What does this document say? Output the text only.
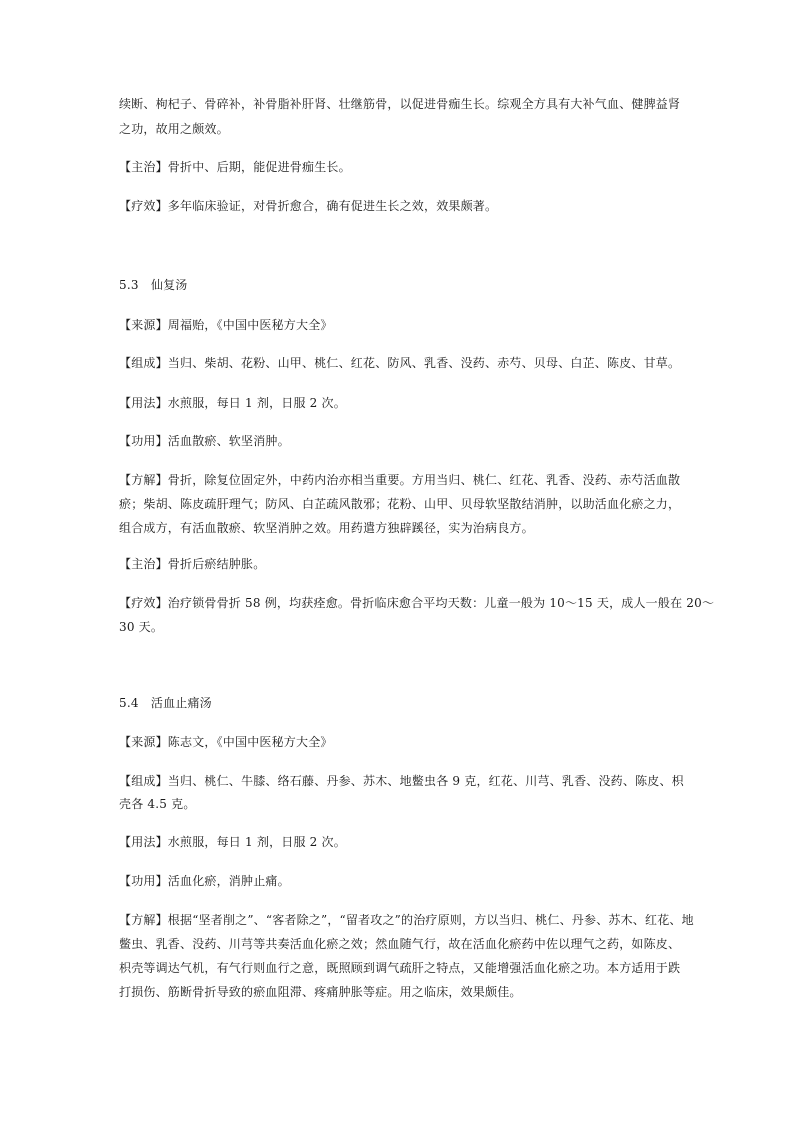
续断、枸杞子、骨碎补，补骨脂补肝肾、壮继筋骨，以促进骨痂生长。综观全方具有大补气血、健脾益肾
之功，故用之颇效。
【主治】骨折中、后期，能促进骨痂生长。
【疗效】多年临床验证，对骨折愈合，确有促进生长之效，效果颇著。
5.3　仙复汤
【来源】周福贻，《中国中医秘方大全》
【组成】当归、柴胡、花粉、山甲、桃仁、红花、防风、乳香、没药、赤芍、贝母、白芷、陈皮、甘草。
【用法】水煎服，每日 1 剂，日服 2 次。
【功用】活血散瘀、软坚消肿。
【方解】骨折，除复位固定外，中药内治亦相当重要。方用当归、桃仁、红花、乳香、没药、赤芍活血散
瘀；柴胡、陈皮疏肝理气；防风、白芷疏风散邪；花粉、山甲、贝母软坚散结消肿，以助活血化瘀之力，
组合成方，有活血散瘀、软坚消肿之效。用药遣方独辟蹊径，实为治病良方。
【主治】骨折后瘀结肿胀。
【疗效】治疗锁骨骨折 58 例，均获痊愈。骨折临床愈合平均天数：儿童一般为 10～15 天，成人一般在 20～
30 天。
5.4　活血止痛汤
【来源】陈志文，《中国中医秘方大全》
【组成】当归、桃仁、牛膝、络石藤、丹参、苏木、地鳖虫各 9 克，红花、川芎、乳香、没药、陈皮、枳
壳各 4.5 克。
【用法】水煎服，每日 1 剂，日服 2 次。
【功用】活血化瘀，消肿止痛。
【方解】根据“坚者削之”、“客者除之”，“留者攻之”的治疗原则，方以当归、桃仁、丹参、苏木、红花、地
鳖虫、乳香、没药、川芎等共奏活血化瘀之效；然血随气行，故在活血化瘀药中佐以理气之药，如陈皮、
枳壳等调达气机，有气行则血行之意，既照顾到调气疏肝之特点，又能增强活血化瘀之功。本方适用于跌
打损伤、筋断骨折导致的瘀血阻滞、疼痛肿胀等症。用之临床，效果颇佳。
